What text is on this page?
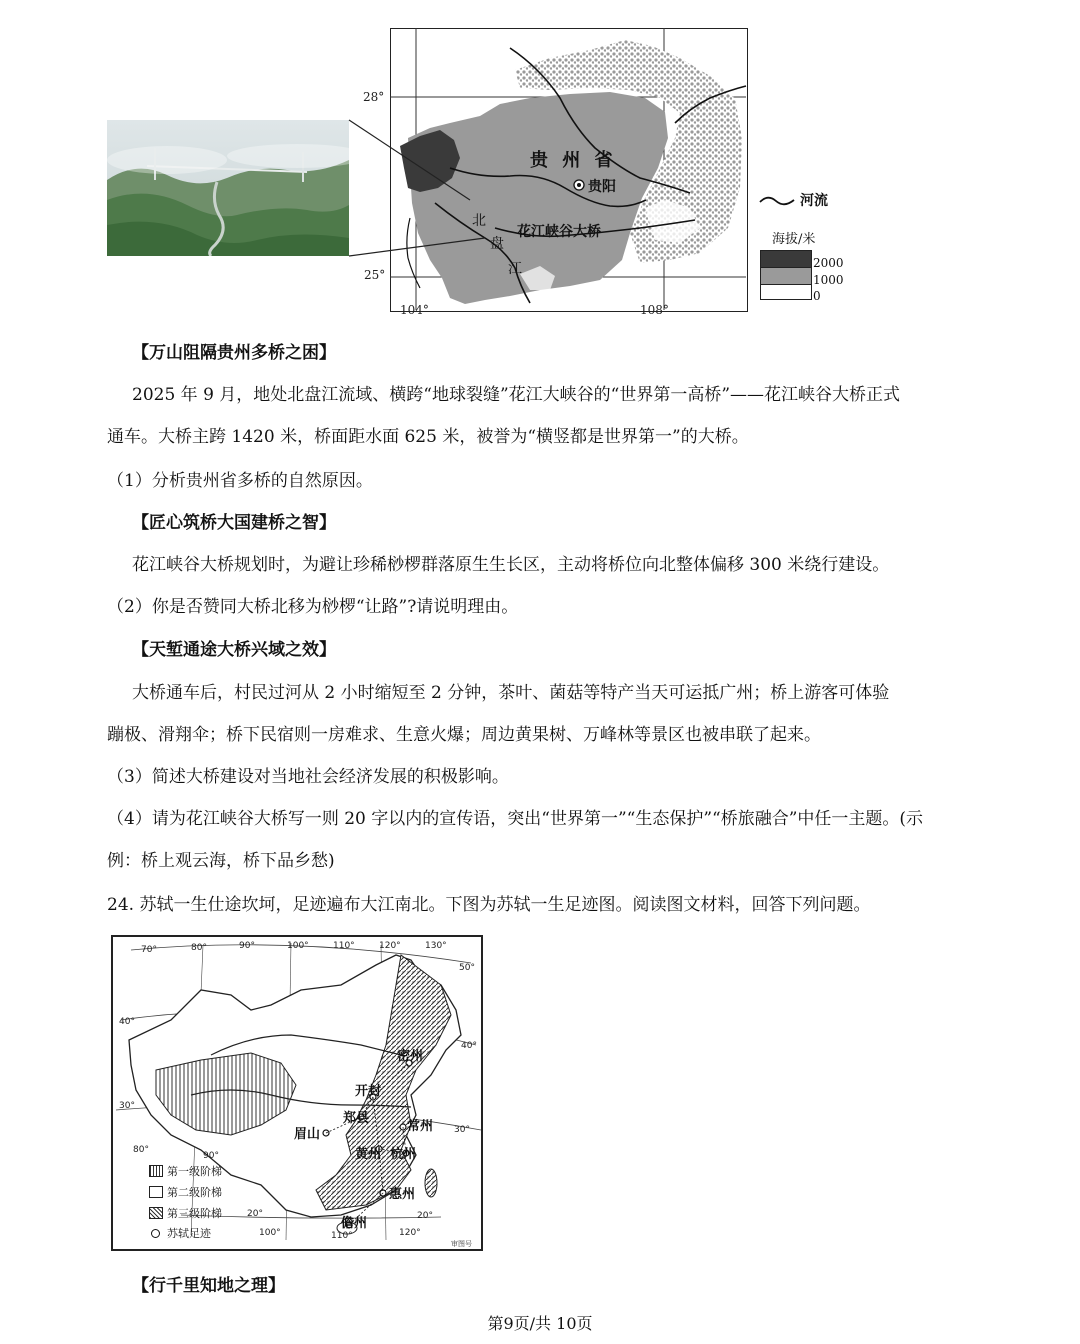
贵 州 省
贵阳
花江峡谷大桥
北
盘
江
28°
25°
104°	108°
河流
海拔/米
2000
1000
0
【万山阻隔贵州多桥之困】
2025 年 9 月，地处北盘江流域、横跨“地球裂缝”花江大峡谷的“世界第一高桥”——花江峡谷大桥正式
通车。大桥主跨 1420 米，桥面距水面 625 米，被誉为“横竖都是世界第一”的大桥。
（1）分析贵州省多桥的自然原因。
【匠心筑桥大国建桥之智】
花江峡谷大桥规划时，为避让珍稀桫椤群落原生生长区，主动将桥位向北整体偏移 300 米绕行建设。
（2）你是否赞同大桥北移为桫椤“让路”?请说明理由。
【天堑通途大桥兴域之效】
大桥通车后，村民过河从 2 小时缩短至 2 分钟，茶叶、菌菇等特产当天可运抵广州；桥上游客可体验
蹦极、滑翔伞；桥下民宿则一房难求、生意火爆；周边黄果树、万峰林等景区也被串联了起来。
（3）简述大桥建设对当地社会经济发展的积极影响。
（4）请为花江峡谷大桥写一则 20 字以内的宣传语，突出“世界第一”“生态保护”“桥旅融合”中任一主题。(示
例：桥上观云海，桥下品乡愁)
24. 苏轼一生仕途坎坷，足迹遍布大江南北。下图为苏轼一生足迹图。阅读图文材料，回答下列问题。
70°	80°	90°	100°	110°	120°	130°
100°	110°	120°
40°
30°
80°
50°
40°
30°
20°
90°
20°
密州
开封
郑县
常州
眉山
黄州 杭州
惠州
儋州
第一级阶梯
第二级阶梯
第三级阶梯
苏轼足迹
审图号
【行千里知地之理】
第9页/共 10页
